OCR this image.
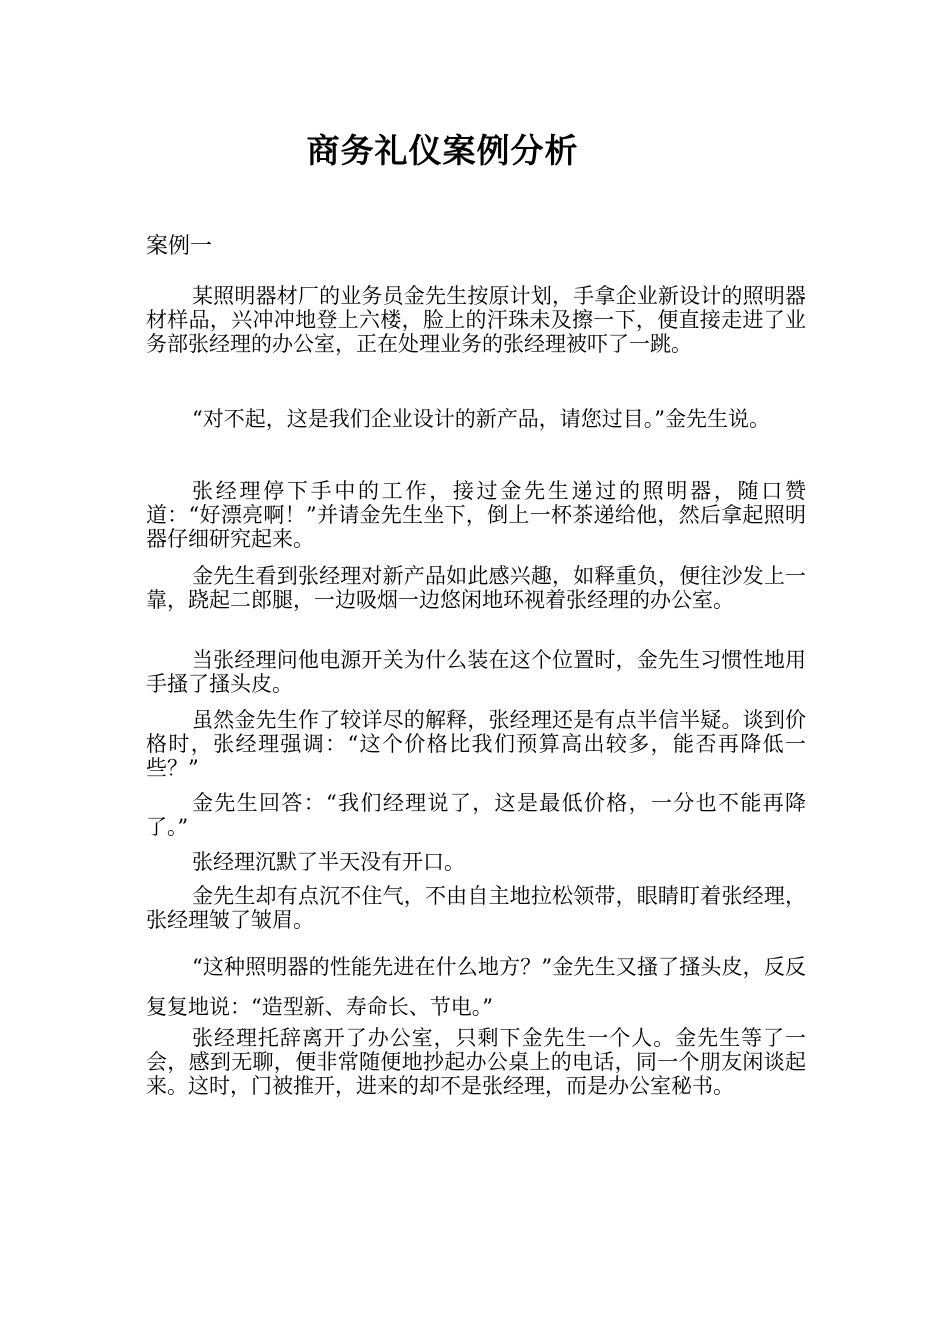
商务礼仪案例分析
案例一

某照明器材厂的业务员金先生按原计划，手拿企业新设计的照明器材样品，兴冲冲地登上六楼，脸上的汗珠未及擦一下，便直接走进了业务部张经理的办公室，正在处理业务的张经理被吓了一跳。

“对不起，这是我们企业设计的新产品，请您过目。”金先生说。

张经理停下手中的工作，接过金先生递过的照明器，随口赞道：“好漂亮啊！”并请金先生坐下，倒上一杯茶递给他，然后拿起照明器仔细研究起来。

金先生看到张经理对新产品如此感兴趣，如释重负，便往沙发上一靠，跷起二郎腿，一边吸烟一边悠闲地环视着张经理的办公室。

当张经理问他电源开关为什么装在这个位置时，金先生习惯性地用手搔了搔头皮。

虽然金先生作了较详尽的解释，张经理还是有点半信半疑。谈到价格时，张经理强调：“这个价格比我们预算高出较多，能否再降低一些？”

金先生回答：“我们经理说了，这是最低价格，一分也不能再降了。”

张经理沉默了半天没有开口。

金先生却有点沉不住气，不由自主地拉松领带，眼睛盯着张经理，张经理皱了皱眉。

“这种照明器的性能先进在什么地方？”金先生又搔了搔头皮，反反复复地说：“造型新、寿命长、节电。”

张经理托辞离开了办公室，只剩下金先生一个人。金先生等了一会，感到无聊，便非常随便地抄起办公桌上的电话，同一个朋友闲谈起来。这时，门被推开，进来的却不是张经理，而是办公室秘书。
